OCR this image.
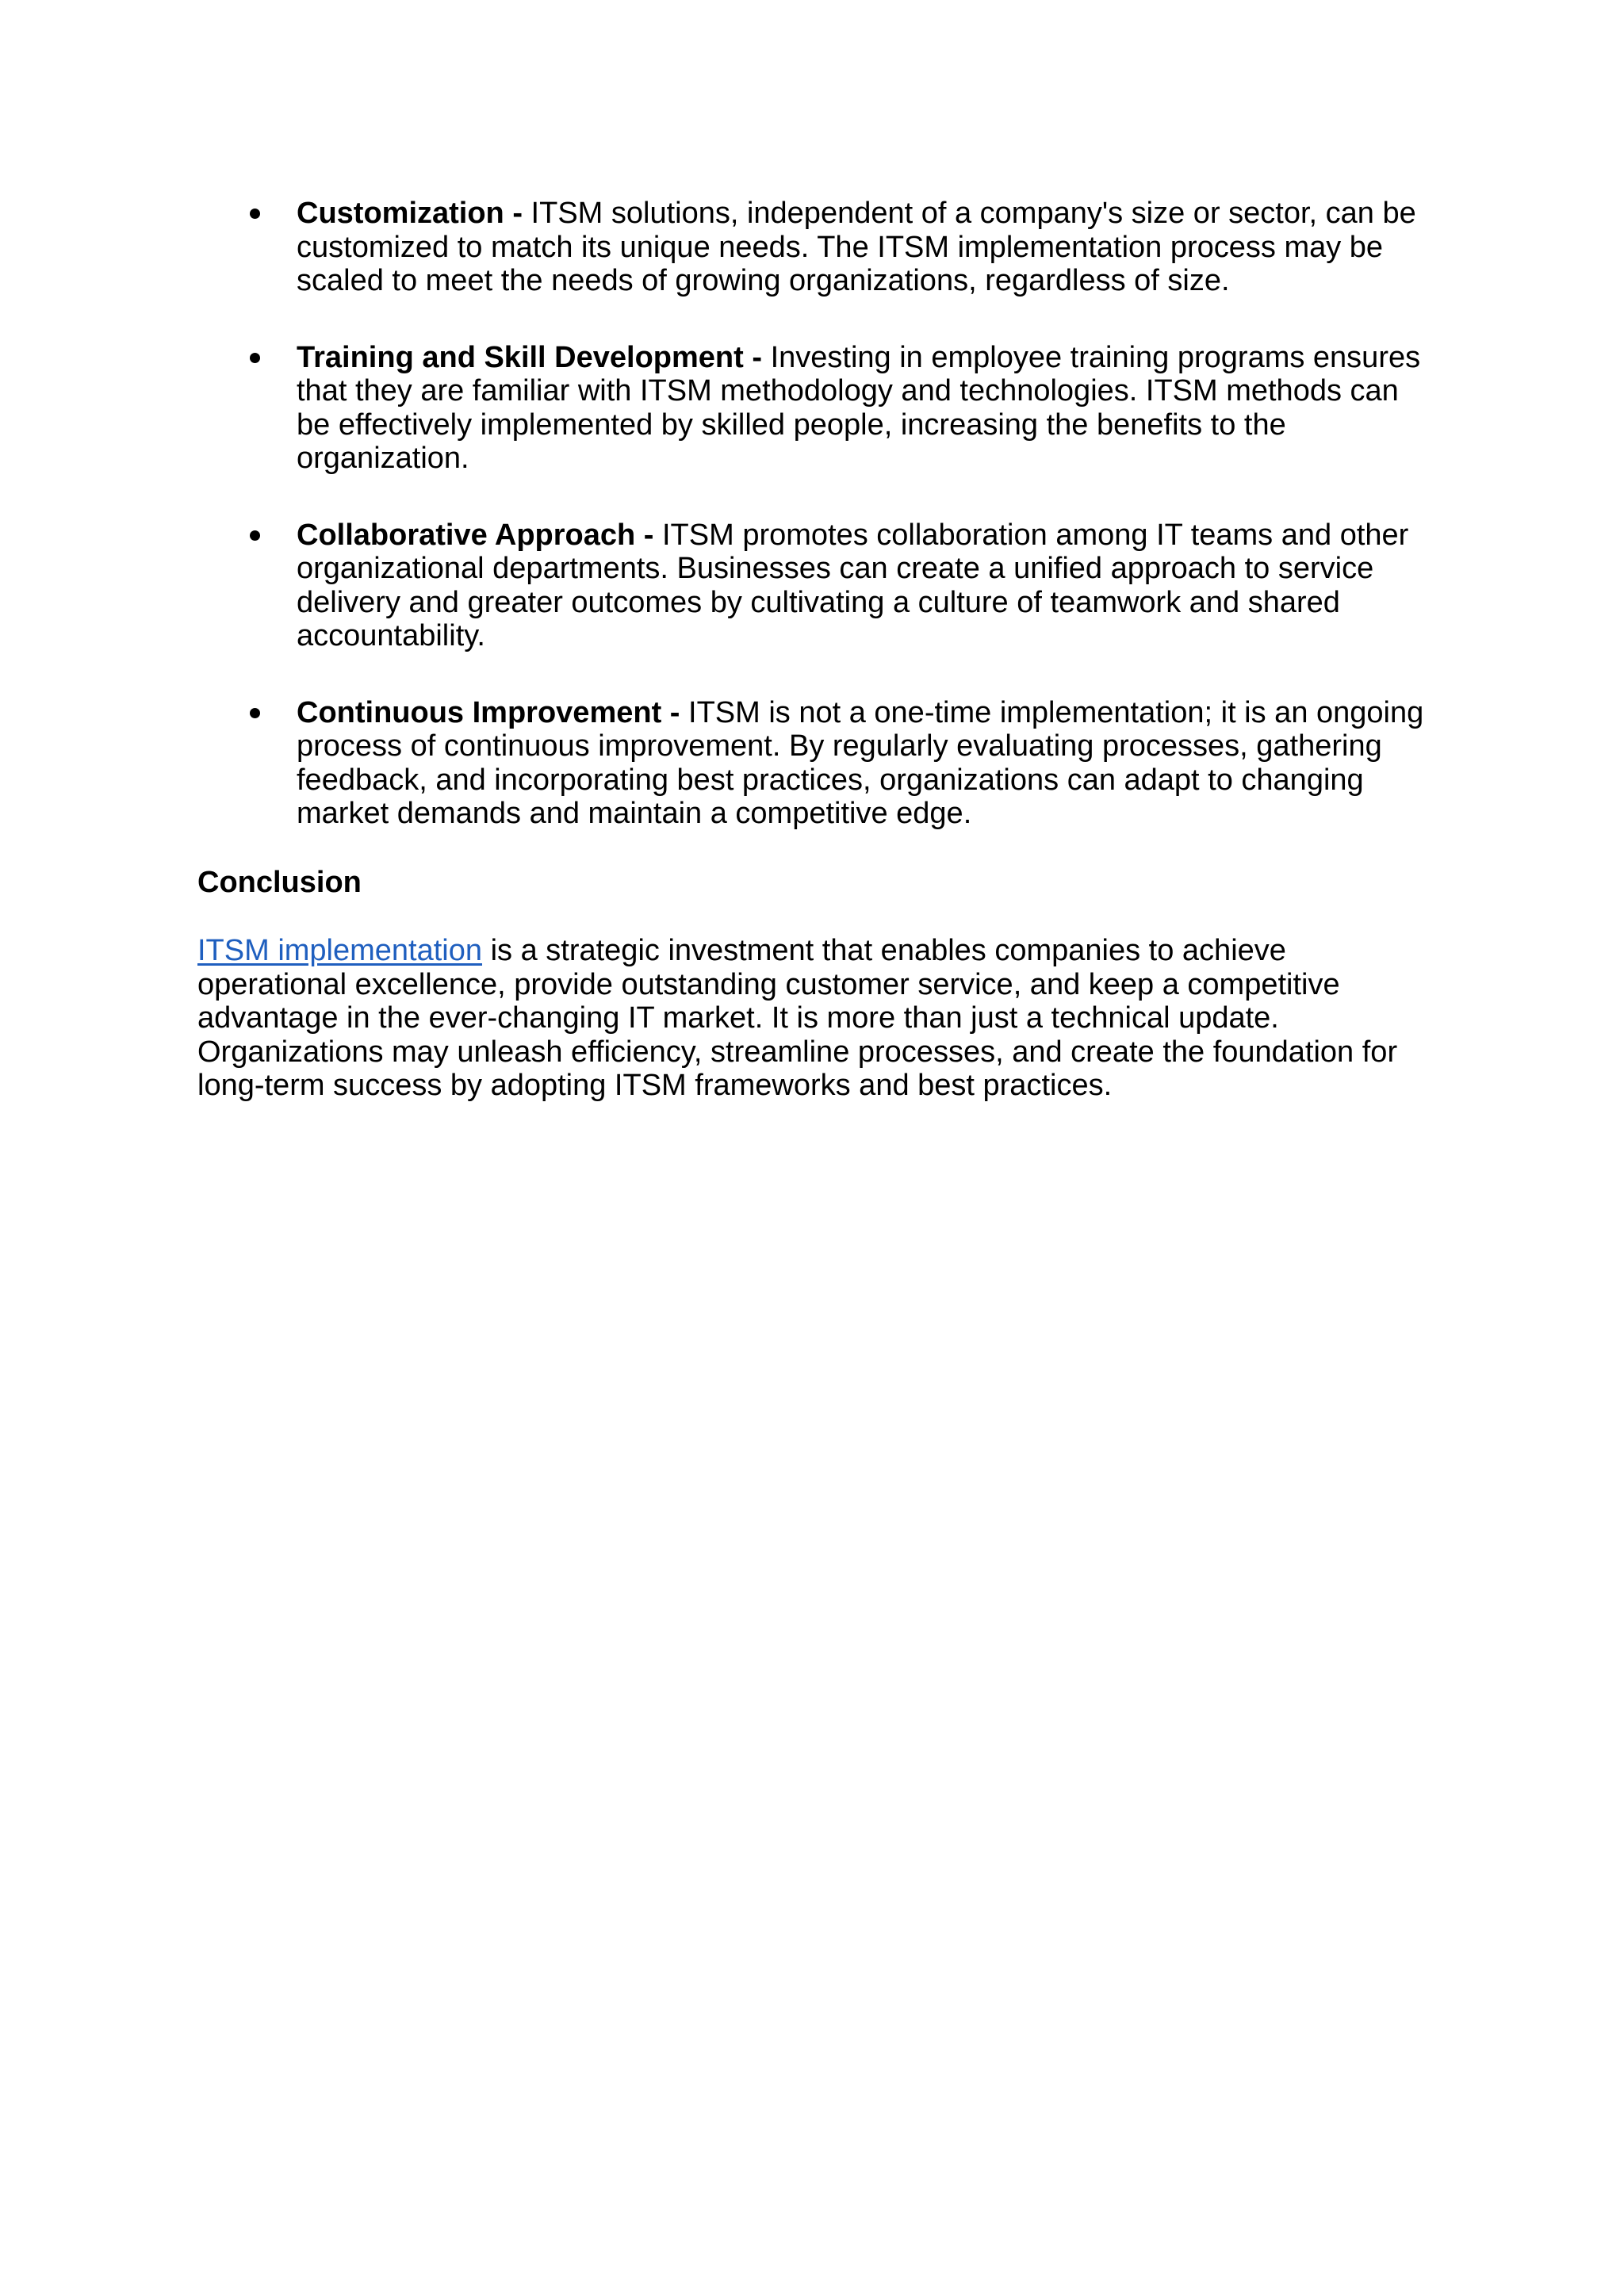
Customization - ITSM solutions, independent of a company's size or sector, can be customized to match its unique needs. The ITSM implementation process may be scaled to meet the needs of growing organizations, regardless of size.
Training and Skill Development - Investing in employee training programs ensures that they are familiar with ITSM methodology and technologies. ITSM methods can be effectively implemented by skilled people, increasing the benefits to the organization.
Collaborative Approach - ITSM promotes collaboration among IT teams and other organizational departments. Businesses can create a unified approach to service delivery and greater outcomes by cultivating a culture of teamwork and shared accountability.
Continuous Improvement - ITSM is not a one-time implementation; it is an ongoing process of continuous improvement. By regularly evaluating processes, gathering feedback, and incorporating best practices, organizations can adapt to changing market demands and maintain a competitive edge.
Conclusion

ITSM implementation is a strategic investment that enables companies to achieve operational excellence, provide outstanding customer service, and keep a competitive advantage in the ever-changing IT market. It is more than just a technical update. Organizations may unleash efficiency, streamline processes, and create the foundation for long-term success by adopting ITSM frameworks and best practices.
